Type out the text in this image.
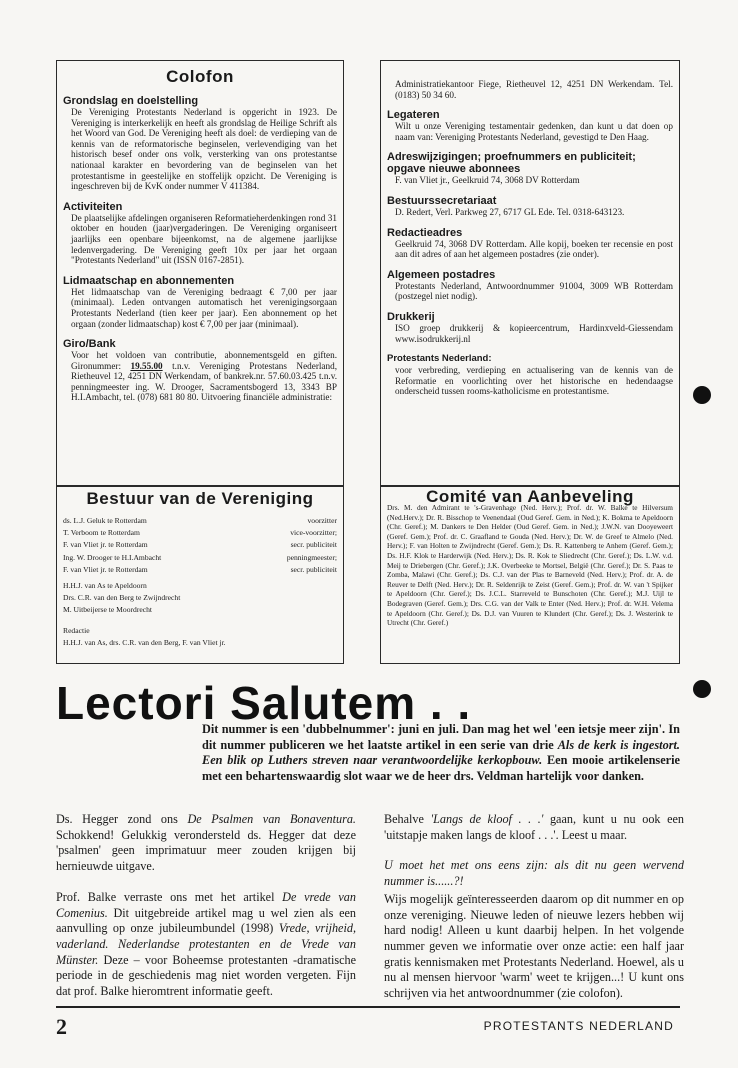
Colofon
Grondslag en doelstelling

De Vereniging Protestants Nederland is opgericht in 1923. De Vereniging is interkerkelijk en heeft als grondslag de Heilige Schrift als het Woord van God. De Vereniging heeft als doel: de verdieping van de kennis van de reformatorische beginselen, verlevendiging van het historisch besef onder ons volk, versterking van ons protestantse nationaal karakter en bevordering van de beginselen van het protestantisme in geestelijke en stoffelijk opzicht. De Vereniging is ingeschreven bij de KvK onder nummer V 411384.

Activiteiten

De plaatselijke afdelingen organiseren Reformatieherdenkingen rond 31 oktober en houden (jaar)vergaderingen. De Vereniging organiseert jaarlijks een openbare bijeenkomst, na de algemene jaarlijkse ledenvergadering. De Vereniging geeft 10x per jaar het orgaan "Protestants Nederland" uit (ISSN 0167-2851).

Lidmaatschap en abonnementen

Het lidmaatschap van de Vereniging bedraagt € 7,00 per jaar (minimaal). Leden ontvangen automatisch het verenigingsorgaan Protestants Nederland (tien keer per jaar). Een abonnement op het orgaan (zonder lidmaatschap) kost € 7,00 per jaar (minimaal).

Giro/Bank

Voor het voldoen van contributie, abonnementsgeld en giften. Gironummer: 19.55.00 t.n.v. Vereniging Protestans Nederland, Rietheuvel 12, 4251 DN Werkendam, of bankrek.nr. 57.60.03.425 t.n.v. penningmeester ing. W. Drooger, Sacramentsbogerd 13, 3343 BP H.I.Ambacht, tel. (078) 681 80 80. Uitvoering financiële administratie:

Administratiekantoor Fiege, Rietheuvel 12, 4251 DN Werkendam. Tel. (0183) 50 34 60.

Legateren

Wilt u onze Vereniging testamentair gedenken, dan kunt u dat doen op naam van: Vereniging Protestants Nederland, gevestigd te Den Haag.

Adreswijzigingen; proefnummers en publiciteit; opgave nieuwe abonnees

F. van Vliet jr., Geelkruid 74, 3068 DV Rotterdam

Bestuurssecretariaat

D. Redert, Verl. Parkweg 27, 6717 GL Ede. Tel. 0318-643123.

Redactieadres

Geelkruid 74, 3068 DV Rotterdam. Alle kopij, boeken ter recensie en post aan dit adres of aan het algemeen postadres (zie onder).

Algemeen postadres

Protestants Nederland, Antwoordnummer 91004, 3009 WB Rotterdam (postzegel niet nodig).

Drukkerij

ISO groep drukkerij & kopieercentrum, Hardinxveld-Giessendam www.isodrukkerij.nl

Protestants Nederland:

voor verbreding, verdieping en actualisering van de kennis van de Reformatie en voorlichting over het historische en hedendaagse onderscheid tussen rooms-katholicisme en protestantisme.

Bestuur van de Vereniging
ds. L.J. Geluk te Rotterdam	voorzitter
T. Verboom te Rotterdam	vice-voorzitter;
F. van Vliet jr. te Rotterdam	secr. publiciteit
Ing. W. Drooger te H.I.Ambacht	penningmeester;
F. van Vliet jr. te Rotterdam	secr. publiciteit
H.H.J. van As te Apeldoorn
Drs. C.R. van den Berg te Zwijndrecht
M. Uitbeijerse te Moordrecht
Redactie
H.H.J. van As, drs. C.R. van den Berg, F. van Vliet jr.
Comité van Aanbeveling

Drs. M. den Admirant te 's-Gravenhage (Ned. Herv.); Prof. dr. W. Balke te Hilversum (Ned.Herv.); Dr. R. Bisschop te Veenendaal (Oud Geref. Gem. in Ned.); K. Bokma te Apeldoorn (Chr. Geref.); M. Dankers te Den Helder (Oud Geref. Gem. in Ned.); J.W.N. van Dooyeweert (Geref. Gem.); Prof. dr. C. Graafland te Gouda (Ned. Herv.); Dr. W. de Greef te Almelo (Ned. Herv.); F. van Holten te Zwijndrecht (Geref. Gem.); Ds. R. Kattenberg te Anhem (Geref. Gem.); Ds. H.F. Klok te Harderwijk (Ned. Herv.); Ds. R. Kok te Sliedrecht (Chr. Geref.); Ds. L.W. v.d. Meij te Driebergen (Chr. Geref.); J.K. Overbeeke te Mortsel, België (Chr. Geref.); Dr. S. Paas te Zomba, Malawi (Chr. Geref.); Ds. C.J. van der Plas te Barneveld (Ned. Herv.); Prof. dr. A. de Reuver te Delft (Ned. Herv.); Dr. R. Seldenrijk te Zeist (Geref. Gem.); Prof. dr. W. van 't Spijker te Apeldoorn (Chr. Geref.); Ds. J.C.L. Starreveld te Bunschoten (Chr. Geref.); M.J. Uijl te Bodegraven (Geref. Gem.); Drs. C.G. van der Valk te Enter (Ned. Herv.); Prof. dr. W.H. Velema te Apeldoorn (Chr. Geref.); Ds. D.J. van Vuuren te Klundert (Chr. Geref.); Ds. J. Westerink te Utrecht (Chr. Geref.)

Lectori Salutem . .

Dit nummer is een 'dubbelnummer': juni en juli. Dan mag het wel 'een ietsje meer zijn'. In dit nummer publiceren we het laatste artikel in een serie van drie Als de kerk is ingestort. Een blik op Luthers streven naar verantwoordelijke kerkopbouw. Een mooie artikelenserie met een behartenswaardig slot waar we de heer drs. Veldman hartelijk voor danken.

Ds. Hegger zond ons De Psalmen van Bonaventura. Schokkend! Gelukkig verondersteld ds. Hegger dat deze 'psalmen' geen imprimatuur meer zouden krijgen bij hernieuwde uitgave.

Prof. Balke verraste ons met het artikel De vrede van Comenius. Dit uitgebreide artikel mag u wel zien als een aanvulling op onze jubileumbundel (1998) Vrede, vrijheid, vaderland. Nederlandse protestanten en de Vrede van Münster. Deze – voor Boheemse protestanten -dramatische periode in de geschiedenis mag niet worden vergeten. Fijn dat prof. Balke hieromtrent informatie geeft.

Behalve 'Langs de kloof . . .' gaan, kunt u nu ook een 'uitstapje maken langs de kloof . . .'. Leest u maar.

U moet het met ons eens zijn: als dit nu geen wervend nummer is......?!

Wijs mogelijk geïnteresseerden daarom op dit nummer en op onze vereniging. Nieuwe leden of nieuwe lezers hebben wij hard nodig! Alleen u kunt daarbij helpen. In het volgende nummer geven we informatie over onze actie: een half jaar gratis kennismaken met Protestants Nederland. Hoewel, als u nu al mensen hiervoor 'warm' weet te krijgen...! U kunt ons schrijven via het antwoordnummer (zie colofon).

2	PROTESTANTS NEDERLAND
